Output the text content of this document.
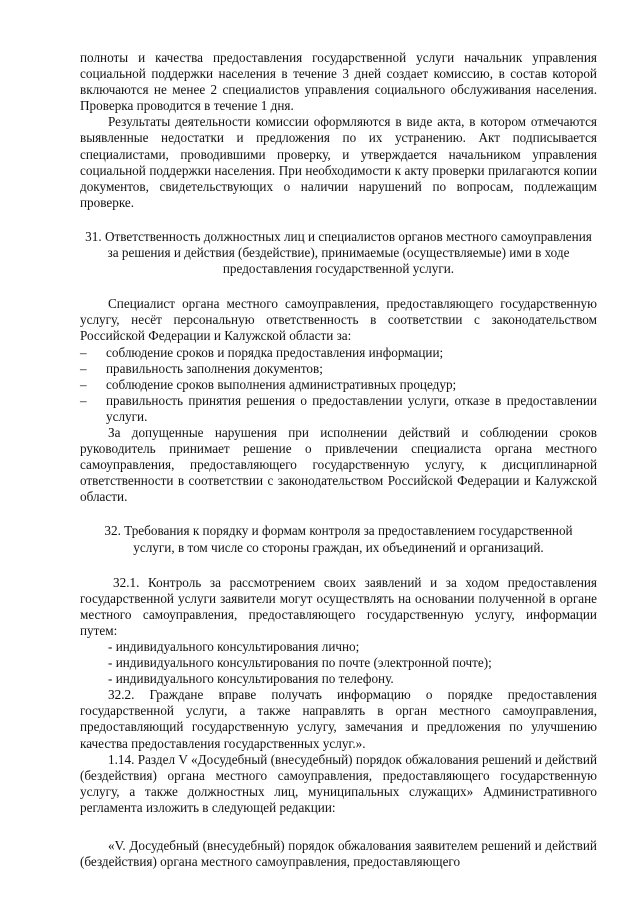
полноты и качества предоставления государственной услуги начальник управления социальной поддержки населения в течение 3 дней создает комиссию, в состав которой включаются не менее 2 специалистов управления социального обслуживания населения. Проверка проводится в течение 1 дня.

Результаты деятельности комиссии оформляются в виде акта, в котором отмечаются выявленные недостатки и предложения по их устранению. Акт подписывается специалистами, проводившими проверку, и утверждается начальником управления социальной поддержки населения. При необходимости к акту проверки прилагаются копии документов, свидетельствующих о наличии нарушений по вопросам, подлежащим проверке.

31. Ответственность должностных лиц и специалистов органов местного самоуправления за решения и действия (бездействие), принимаемые (осуществляемые) ими в ходе предоставления государственной услуги.

Специалист органа местного самоуправления, предоставляющего государственную услугу, несёт персональную ответственность в соответствии с законодательством Российской Федерации и Калужской области за:

– соблюдение сроков и порядка предоставления информации;
– правильность заполнения документов;
– соблюдение сроков выполнения административных процедур;
– правильность принятия решения о предоставлении услуги, отказе в предоставлении услуги.

За допущенные нарушения при исполнении действий и соблюдении сроков руководитель принимает решение о привлечении специалиста органа местного самоуправления, предоставляющего государственную услугу, к дисциплинарной ответственности в соответствии с законодательством Российской Федерации и Калужской области.

32. Требования к порядку и формам контроля за предоставлением государственной услуги, в том числе со стороны граждан, их объединений и организаций.

32.1. Контроль за рассмотрением своих заявлений и за ходом предоставления государственной услуги заявители могут осуществлять на основании полученной в органе местного самоуправления, предоставляющего государственную услугу, информации путем:

- индивидуального консультирования лично;

- индивидуального консультирования по почте (электронной почте);

- индивидуального консультирования по телефону.

32.2. Граждане вправе получать информацию о порядке предоставления государственной услуги, а также направлять в орган местного самоуправления, предоставляющий государственную услугу, замечания и предложения по улучшению качества предоставления государственных услуг.».

1.14. Раздел V «Досудебный (внесудебный) порядок обжалования решений и действий (бездействия) органа местного самоуправления, предоставляющего государственную услугу, а также должностных лиц, муниципальных служащих» Административного регламента изложить в следующей редакции:

«V. Досудебный (внесудебный) порядок обжалования заявителем решений и действий (бездействия) органа местного самоуправления, предоставляющего
